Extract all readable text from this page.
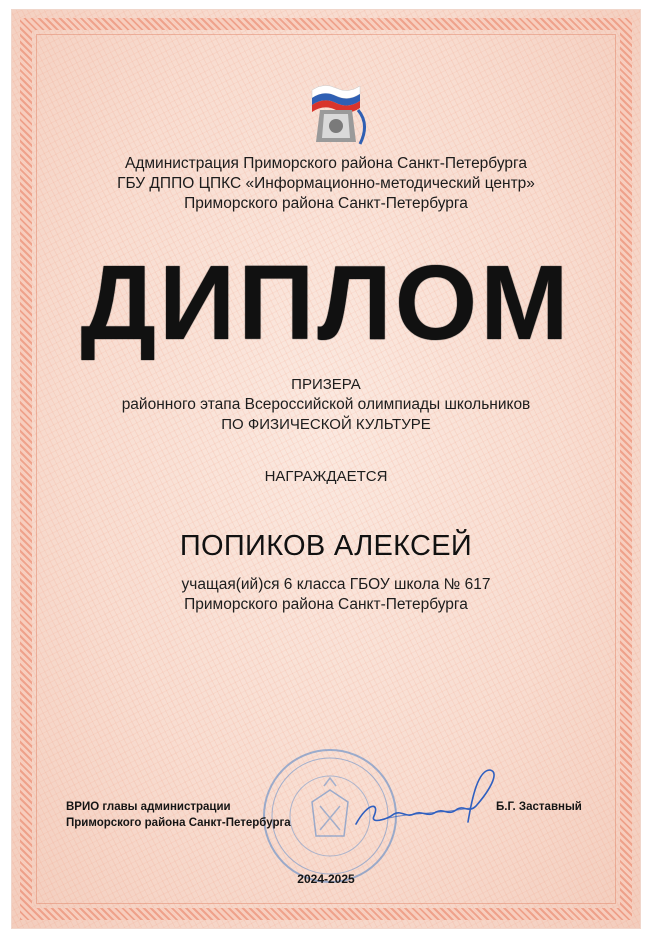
Администрация Приморского района Санкт-Петербурга
ГБУ ДППО ЦПКС «Информационно-методический центр»
Приморского района Санкт-Петербурга
ДИПЛОМ
ПРИЗЕРА
районного этапа Всероссийской олимпиады школьников
ПО ФИЗИЧЕСКОЙ КУЛЬТУРЕ
НАГРАЖДАЕТСЯ
ПОПИКОВ АЛЕКСЕЙ
учащая(ий)ся 6 класса ГБОУ школа № 617
Приморского района Санкт-Петербурга
ВРИО главы администрации
Приморского района Санкт-Петербурга
Б.Г. Заставный
2024-2025
